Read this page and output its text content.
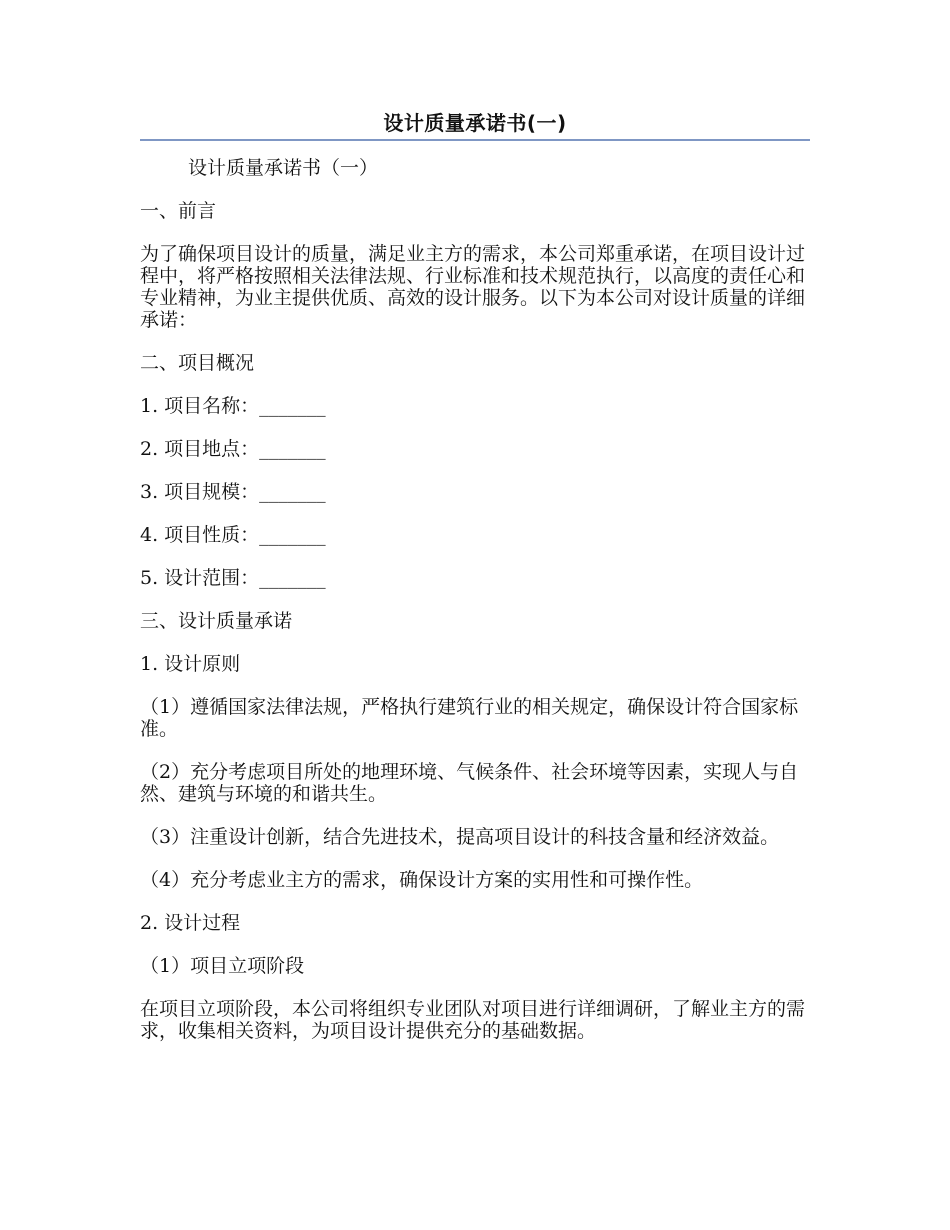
设计质量承诺书(一)

设计质量承诺书（一）

一、前言

为了确保项目设计的质量，满足业主方的需求，本公司郑重承诺，在项目设计过程中，将严格按照相关法律法规、行业标准和技术规范执行，以高度的责任心和专业精神，为业主提供优质、高效的设计服务。以下为本公司对设计质量的详细承诺：

二、项目概况

1. 项目名称：_______

2. 项目地点：_______

3. 项目规模：_______

4. 项目性质：_______

5. 设计范围：_______

三、设计质量承诺

1. 设计原则

（1）遵循国家法律法规，严格执行建筑行业的相关规定，确保设计符合国家标准。

（2）充分考虑项目所处的地理环境、气候条件、社会环境等因素，实现人与自然、建筑与环境的和谐共生。

（3）注重设计创新，结合先进技术，提高项目设计的科技含量和经济效益。

（4）充分考虑业主方的需求，确保设计方案的实用性和可操作性。

2. 设计过程

（1）项目立项阶段

在项目立项阶段，本公司将组织专业团队对项目进行详细调研，了解业主方的需求，收集相关资料，为项目设计提供充分的基础数据。
